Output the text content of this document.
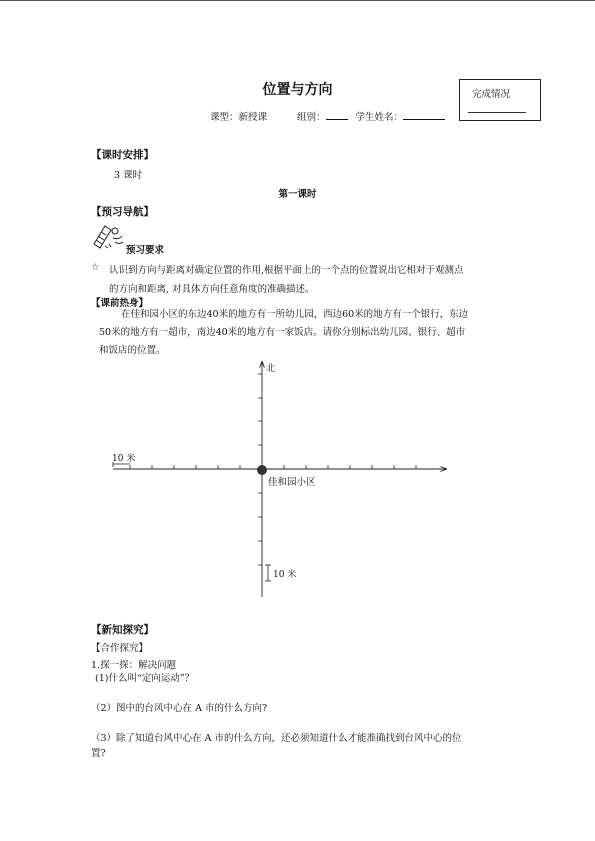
位置与方向	完成情况
课型：新授课	组别：	学生姓名：
【课时安排】
3 课时
第一课时
【预习导航】
预习要求
☆ 认识到方向与距离对确定位置的作用,根据平面上的一个点的位置说出它相对于观测点
的方向和距离, 对具体方向任意角度的准确描述。
【课前热身】
在佳和园小区的东边40米的地方有一所幼儿园，西边60米的地方有一个银行，东边
50米的地方有一超市，南边40米的地方有一家饭店。请你分别标出幼儿园、银行、超市
和饭店的位置。
北
10 米
佳和园小区
10 米
【新知探究】
【合作探究】
1.探一探：解决问题
(1)什么叫“定向运动”？
（2）图中的台风中心在 A 市的什么方向?
（3）除了知道台风中心在 A 市的什么方向，还必须知道什么才能准确找到台风中心的位
置?
